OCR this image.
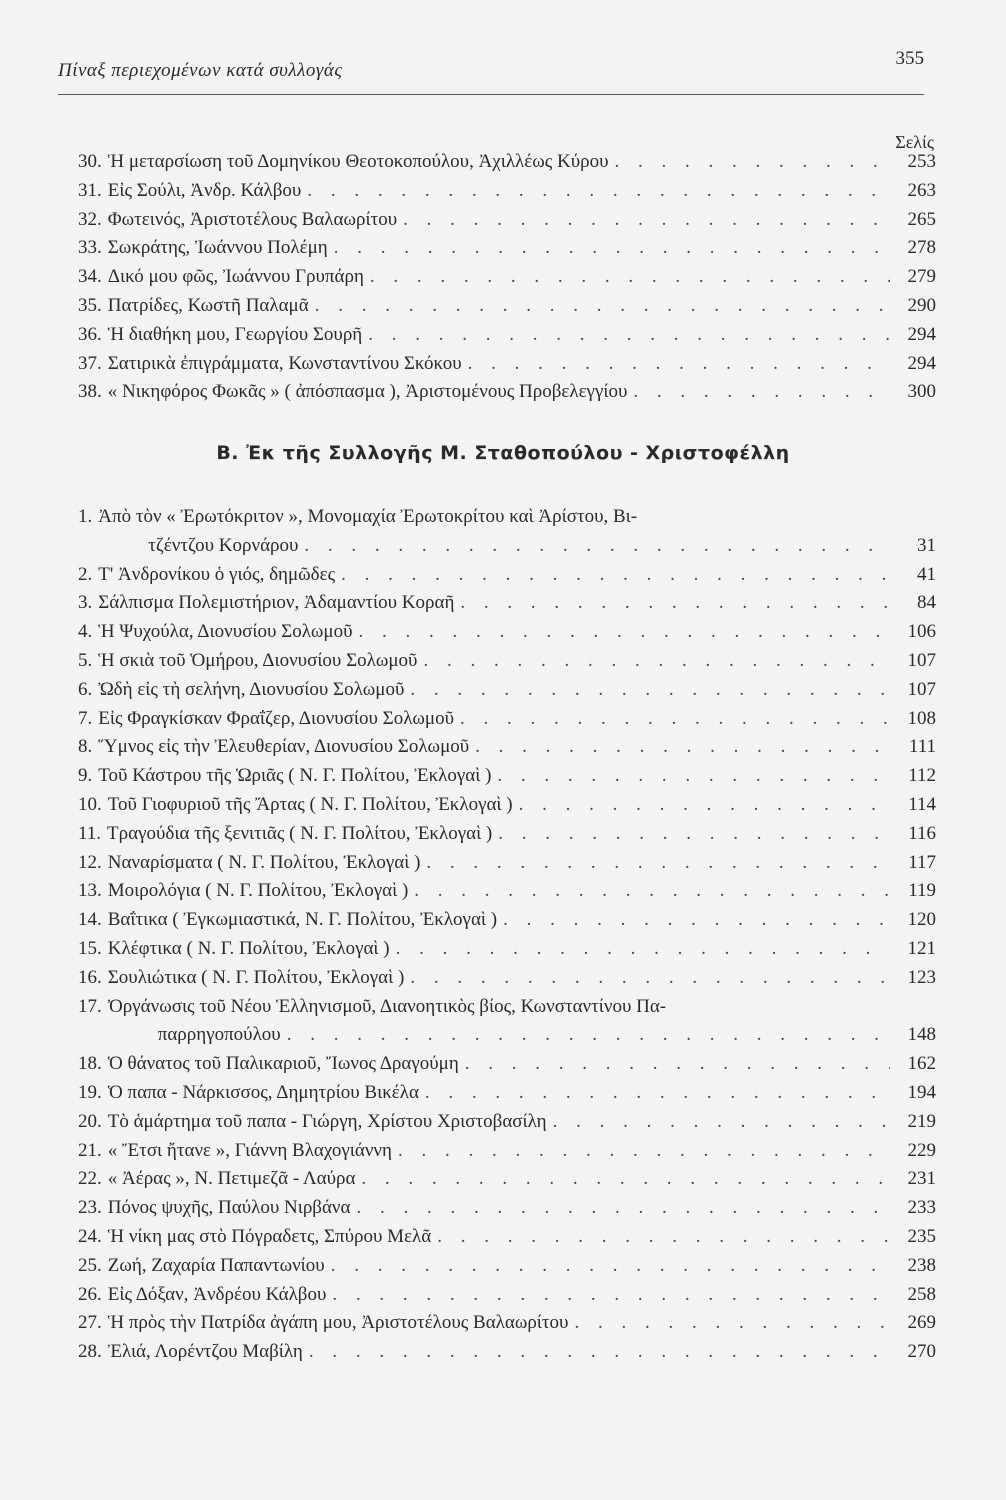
Πίναξ περιεχομένων κατά συλλογάς
355
Σελίς
30. Ἡ μεταρσίωση τοῦ Δομηνίκου Θεοτοκοπούλου, Ἀχιλλέως Κύρου . . .	253
31. Εἰς Σούλι, Ἀνδρ. Κάλβου . . .	263
32. Φωτεινός, Ἀριστοτέλους Βαλαωρίτου . . .	265
33. Σωκράτης, Ἰωάννου Πολέμη . . .	278
34. Δικό μου φῶς, Ἰωάννου Γρυπάρη . . .	279
35. Πατρίδες, Κωστῆ Παλαμᾶ . . .	290
36. Ἡ διαθήκη μου, Γεωργίου Σουρῆ . . .	294
37. Σατιρικὰ ἐπιγράμματα, Κωνσταντίνου Σκόκου . . .	294
38. « Νικηφόρος Φωκᾶς » ( ἀπόσπασμα ), Ἀριστομένους Προβελεγγίου . . .	300
Β. Ἐκ τῆς Συλλογῆς Μ. Σταθοπούλου - Χριστοφέλλη
1. Ἀπὸ τὸν « Ἐρωτόκριτον », Μονομαχία Ἐρωτοκρίτου καὶ Ἀρίστου, Βι-
τζέντζου Κορνάρου . . .	31
2. Τ' Ἀνδρονίκου ὁ γιός, δημῶδες . . .	41
3. Σάλπισμα Πολεμιστήριον, Ἀδαμαντίου Κοραῆ . . .	84
4. Ἡ Ψυχούλα, Διονυσίου Σολωμοῦ . . .	106
5. Ἡ σκιὰ τοῦ Ὁμήρου, Διονυσίου Σολωμοῦ . . .	107
6. Ὠδὴ εἰς τὴ σελήνη, Διονυσίου Σολωμοῦ . . .	107
7. Εἰς Φραγκίσκαν Φραΐζερ, Διονυσίου Σολωμοῦ . . .	108
8. Ὕμνος εἰς τὴν Ἐλευθερίαν, Διονυσίου Σολωμοῦ . . .	111
9. Τοῦ Κάστρου τῆς Ὡριᾶς ( Ν. Γ. Πολίτου, Ἐκλογαὶ ) . . .	112
10. Τοῦ Γιοφυριοῦ τῆς Ἄρτας ( Ν. Γ. Πολίτου, Ἐκλογαὶ ) . . .	114
11. Τραγούδια τῆς ξενιτιᾶς ( Ν. Γ. Πολίτου, Ἐκλογαὶ ) . . .	116
12. Ναναρίσματα ( Ν. Γ. Πολίτου, Ἐκλογαὶ ) . . .	117
13. Μοιρολόγια ( Ν. Γ. Πολίτου, Ἐκλογαὶ ) . . .	119
14. Βαΐτικα ( Ἐγκωμιαστικά, Ν. Γ. Πολίτου, Ἐκλογαὶ ) . . .	120
15. Κλέφτικα ( Ν. Γ. Πολίτου, Ἐκλογαὶ ) . . .	121
16. Σουλιώτικα ( Ν. Γ. Πολίτου, Ἐκλογαὶ ) . . .	123
17. Ὀργάνωσις τοῦ Νέου Ἑλληνισμοῦ, Διανοητικὸς βίος, Κωνσταντίνου Πα-
παρρηγοπούλου . . .	148
18. Ὁ θάνατος τοῦ Παλικαριοῦ, Ἴωνος Δραγούμη . . .	162
19. Ὁ παπα - Νάρκισσος, Δημητρίου Βικέλα . . .	194
20. Τὸ ἁμάρτημα τοῦ παπα - Γιώργη, Χρίστου Χριστοβασίλη . . .	219
21. « Ἔτσι ἤτανε », Γιάννη Βλαχογιάννη . . .	229
22. « Ἀέρας », Ν. Πετιμεζᾶ - Λαύρα . . .	231
23. Πόνος ψυχῆς, Παύλου Νιρβάνα . . .	233
24. Ἡ νίκη μας στὸ Πόγραδετς, Σπύρου Μελᾶ . . .	235
25. Ζωή, Ζαχαρία Παπαντωνίου . . .	238
26. Εἰς Δόξαν, Ἀνδρέου Κάλβου . . .	258
27. Ἡ πρὸς τὴν Πατρίδα ἀγάπη μου, Ἀριστοτέλους Βαλαωρίτου . . .	269
28. Ἐλιά, Λορέντζου Μαβίλη . . .	270
